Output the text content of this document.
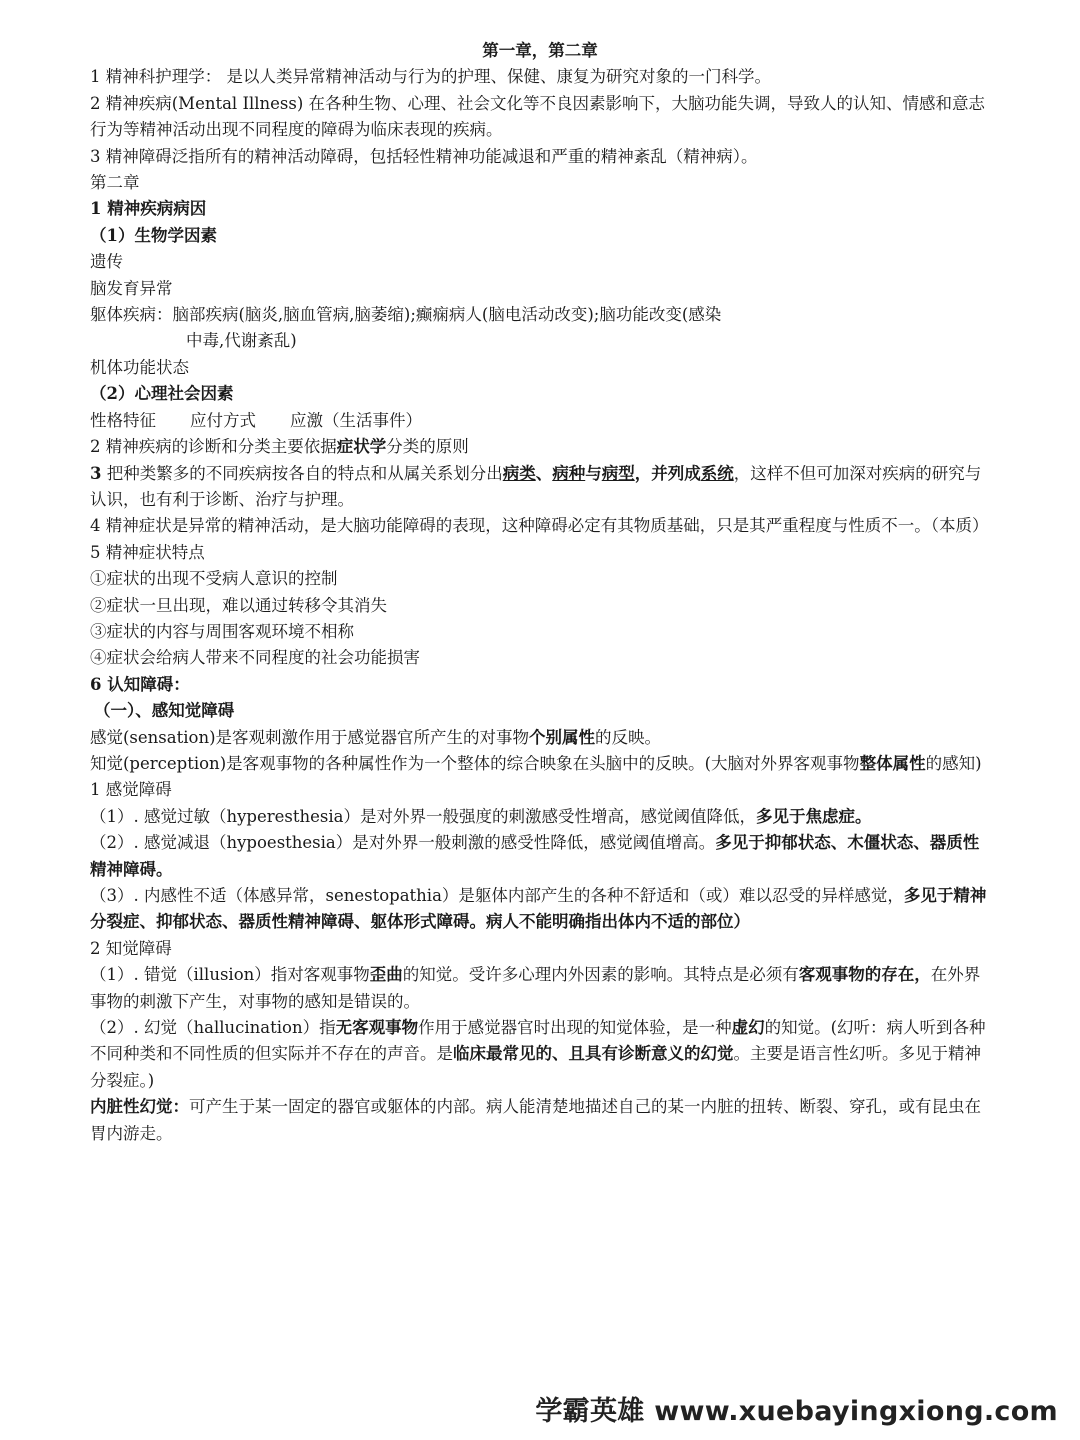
第一章，第二章

1 精神科护理学： 是以人类异常精神活动与行为的护理、保健、康复为研究对象的一门科学。

2 精神疾病(Mental Illness) 在各种生物、心理、社会文化等不良因素影响下，大脑功能失调，导致人的认知、情感和意志行为等精神活动出现不同程度的障碍为临床表现的疾病。

3 精神障碍泛指所有的精神活动障碍，包括轻性精神功能减退和严重的精神紊乱（精神病）。

第二章

1 精神疾病病因

（1）生物学因素

遗传

脑发育异常

躯体疾病：脑部疾病(脑炎,脑血管病,脑萎缩);癫痫病人(脑电活动改变);脑功能改变(感染

中毒,代谢紊乱)

机体功能状态

（2）心理社会因素

性格特征 应付方式 应激（生活事件）

2 精神疾病的诊断和分类主要依据症状学分类的原则

3 把种类繁多的不同疾病按各自的特点和从属关系划分出病类、病种与病型，并列成系统，这样不但可加深对疾病的研究与认识，也有利于诊断、治疗与护理。

4 精神症状是异常的精神活动，是大脑功能障碍的表现，这种障碍必定有其物质基础，只是其严重程度与性质不一。（本质）

5 精神症状特点

①症状的出现不受病人意识的控制

②症状一旦出现，难以通过转移令其消失

③症状的内容与周围客观环境不相称

④症状会给病人带来不同程度的社会功能损害

6 认知障碍：

（一）、感知觉障碍

感觉(sensation)是客观刺激作用于感觉器官所产生的对事物个别属性的反映。

知觉(perception)是客观事物的各种属性作为一个整体的综合映象在头脑中的反映。(大脑对外界客观事物整体属性的感知)

1 感觉障碍

（1）. 感觉过敏（hyperesthesia）是对外界一般强度的刺激感受性增高，感觉阈值降低，多见于焦虑症。

（2）. 感觉减退（hypoesthesia）是对外界一般刺激的感受性降低，感觉阈值增高。多见于抑郁状态、木僵状态、器质性精神障碍。

（3）. 内感性不适（体感异常，senestopathia）是躯体内部产生的各种不舒适和（或）难以忍受的异样感觉，多见于精神分裂症、抑郁状态、器质性精神障碍、躯体形式障碍。病人不能明确指出体内不适的部位）

2 知觉障碍

（1）. 错觉（illusion）指对客观事物歪曲的知觉。受许多心理内外因素的影响。其特点是必须有客观事物的存在，在外界事物的刺激下产生，对事物的感知是错误的。

（2）. 幻觉（hallucination）指无客观事物作用于感觉器官时出现的知觉体验，是一种虚幻的知觉。(幻听：病人听到各种不同种类和不同性质的但实际并不存在的声音。是临床最常见的、且具有诊断意义的幻觉。主要是语言性幻听。多见于精神分裂症。)

内脏性幻觉：可产生于某一固定的器官或躯体的内部。病人能清楚地描述自己的某一内脏的扭转、断裂、穿孔，或有昆虫在胃内游走。

学霸英雄 www.xuebayingxiong.com
